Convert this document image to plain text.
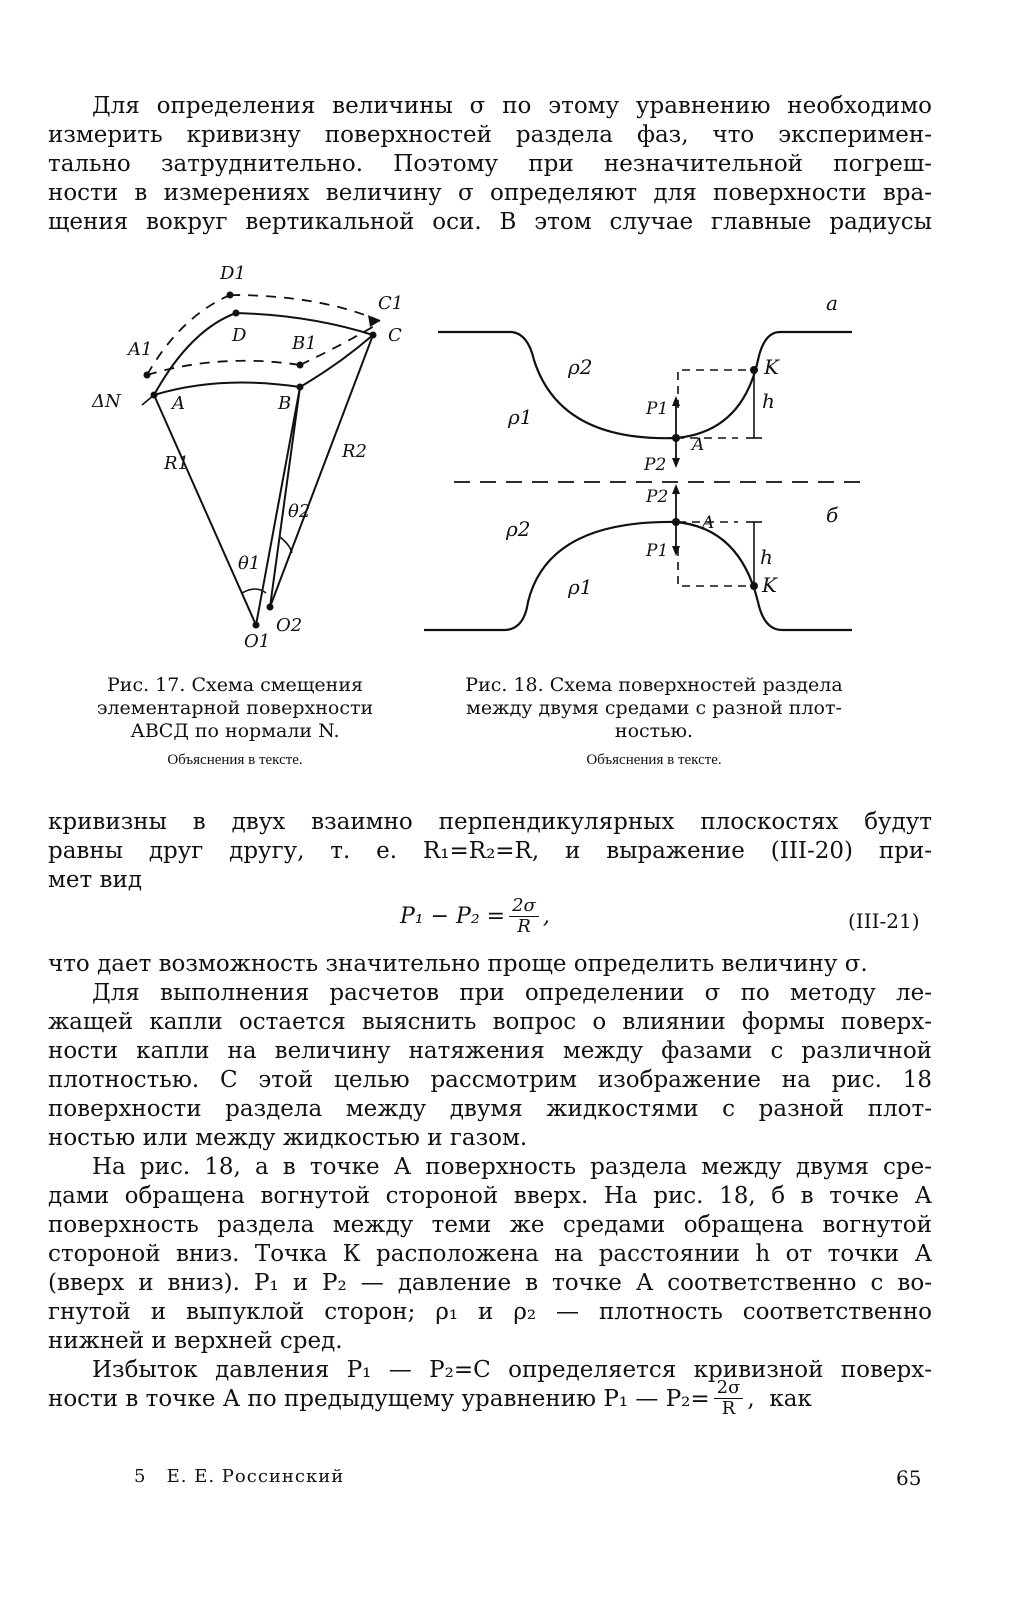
Для определения величины σ по этому уравнению необходимо
измерить кривизну поверхностей раздела фаз, что эксперимен-
тально затруднительно. Поэтому при незначительной погреш-
ности в измерениях величину σ определяют для поверхности вра-
щения вокруг вертикальной оси. В этом случае главные радиусы
D1
C1
A1
D	B1	C
ΔN	A	B
R1
R2
θ1
θ2
O1
O2
a
ρ2
ρ1	P1
P2
K
h
A
P2
ρ2	A	б
P1
ρ1
h
K
Рис. 17. Схема смещения
элементарной поверхности
АВСД по нормали N.
Объяснения в тексте.
Рис. 18. Схема поверхностей раздела
между двумя средами с разной плот-
ностью.
Объяснения в тексте.
кривизны в двух взаимно перпендикулярных плоскостях будут
равны друг другу, т. е. R₁=R₂=R, и выражение (III-20) при-
мет вид
$P_1 - P_2 = \frac{2\sigma}{R}$ ,	(III-21)
что дает возможность значительно проще определить величину σ.
Для выполнения расчетов при определении σ по методу ле-
жащей капли остается выяснить вопрос о влиянии формы поверх-
ности капли на величину натяжения между фазами с различной
плотностью. С этой целью рассмотрим изображение на рис. 18
поверхности раздела между двумя жидкостями с разной плот-
ностью или между жидкостью и газом.
На рис. 18, а в точке А поверхность раздела между двумя сре-
дами обращена вогнутой стороной вверх. На рис. 18, б в точке А
поверхность раздела между теми же средами обращена вогнутой
стороной вниз. Точка К расположена на расстоянии h от точки А
(вверх и вниз). P₁ и P₂ — давление в точке А соответственно с во-
гнутой и выпуклой сторон; ρ₁ и ρ₂ — плотность соответственно
нижней и верхней сред.
Избыток давления P₁ — P₂=C определяется кривизной поверх-
ности в точке А по предыдущему уравнению P₁ — $P_2= \frac{2\sigma}{R}$ ,  как
5   Е. Е. Россинский	65
